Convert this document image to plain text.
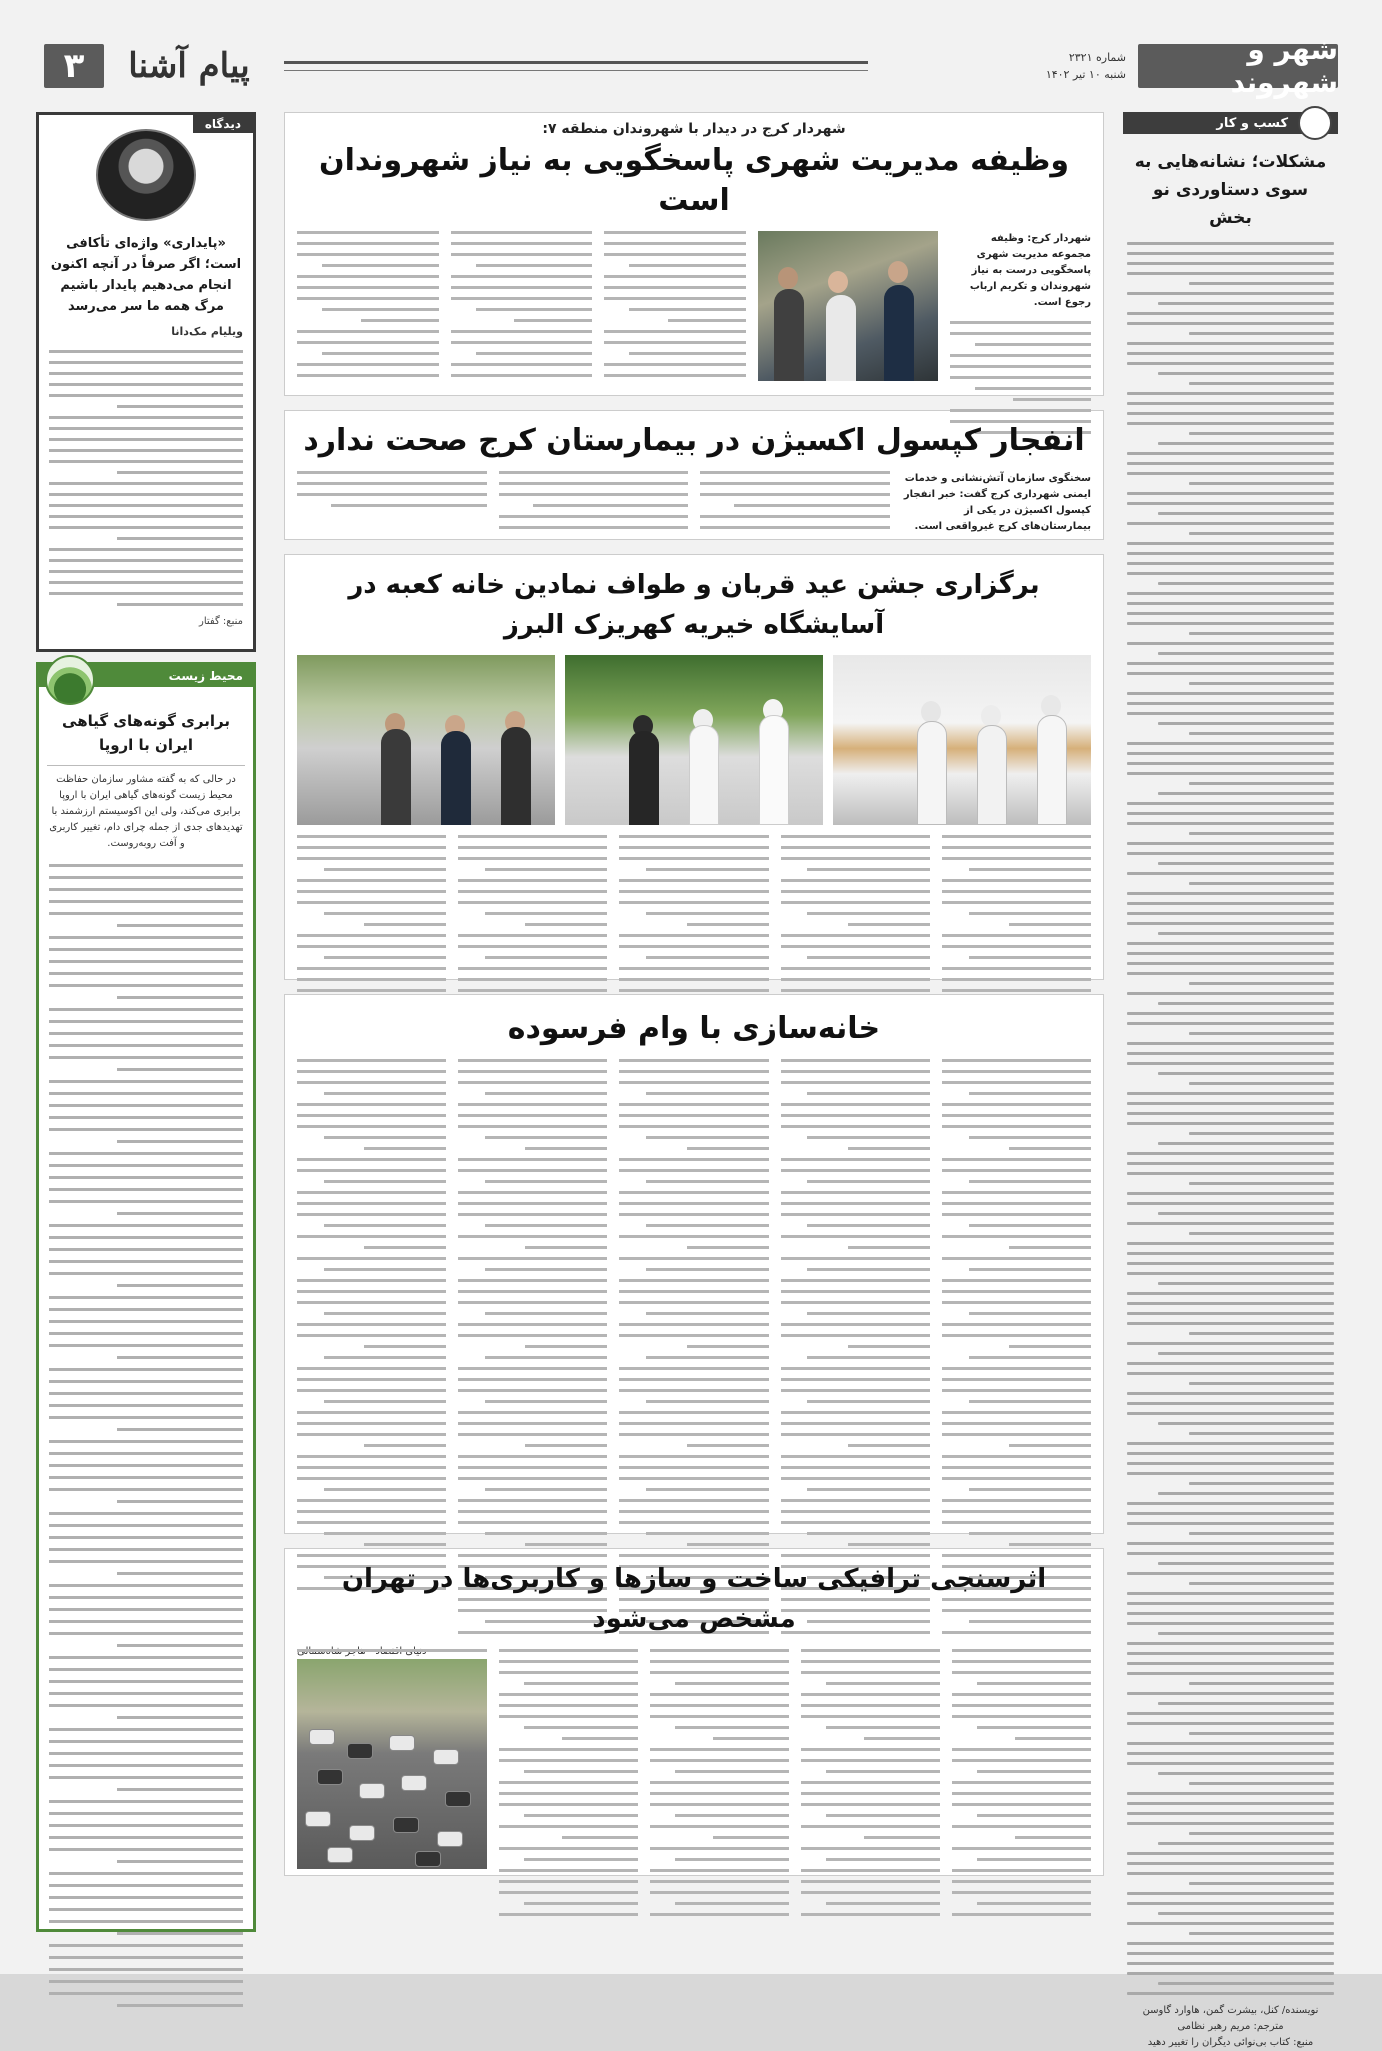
شهر و شهروند
شماره ۲۳۲۱
شنبه ۱۰ تیر ۱۴۰۲
پیام آشنا
۳
◎
کسب و کار
مشکلات؛ نشانه‌هایی به سوی دستاوردی نو بخش
نویسنده/ کنل، بیشرت گمن، هاوارد گاوسن
مترجم: مریم رهبر نظامی
منبع: کتاب بی‌نوائی دیگران را تغییر دهید
دیدگاه
«پایداری» واژه‌ای تأکافی است؛ اگر صرفاً در آنچه اکنون انجام می‌دهیم پایدار باشیم مرگ همه ما سر می‌رسد
ویلیام مک‌دانا
منبع: گفتار
محیط زیست
برابری گونه‌های گیاهی ایران با اروپا
در حالی که به گفته مشاور سازمان حفاظت محیط زیست گونه‌های گیاهی ایران با اروپا برابری می‌کند، ولی این اکوسیستم ارزشمند با تهدیدهای جدی از جمله چرای دام، تغییر کاربری و آفت روبه‌روست.
شهردار کرج در دیدار با شهروندان منطقه ۷:
وظیفه مدیریت شهری پاسخگویی به نیاز شهروندان است
شهردار کرج: وظیفه مجموعه مدیریت شهری پاسخگویی درست به نیاز شهروندان و تکریم ارباب رجوع است.
انفجار کپسول اکسیژن در بیمارستان کرج صحت ندارد
سخنگوی سازمان آتش‌نشانی و خدمات ایمنی شهرداری کرج گفت: خبر انفجار کپسول اکسیژن در یکی از بیمارستان‌های کرج غیرواقعی است.
برگزاری جشن عید قربان و طواف نمادین خانه کعبه در آسایشگاه خیریه کهریزک البرز
خانه‌سازی با وام فرسوده
اثرسنجی ترافیکی ساخت و سازها و کاربری‌ها در تهران مشخص می‌شود
